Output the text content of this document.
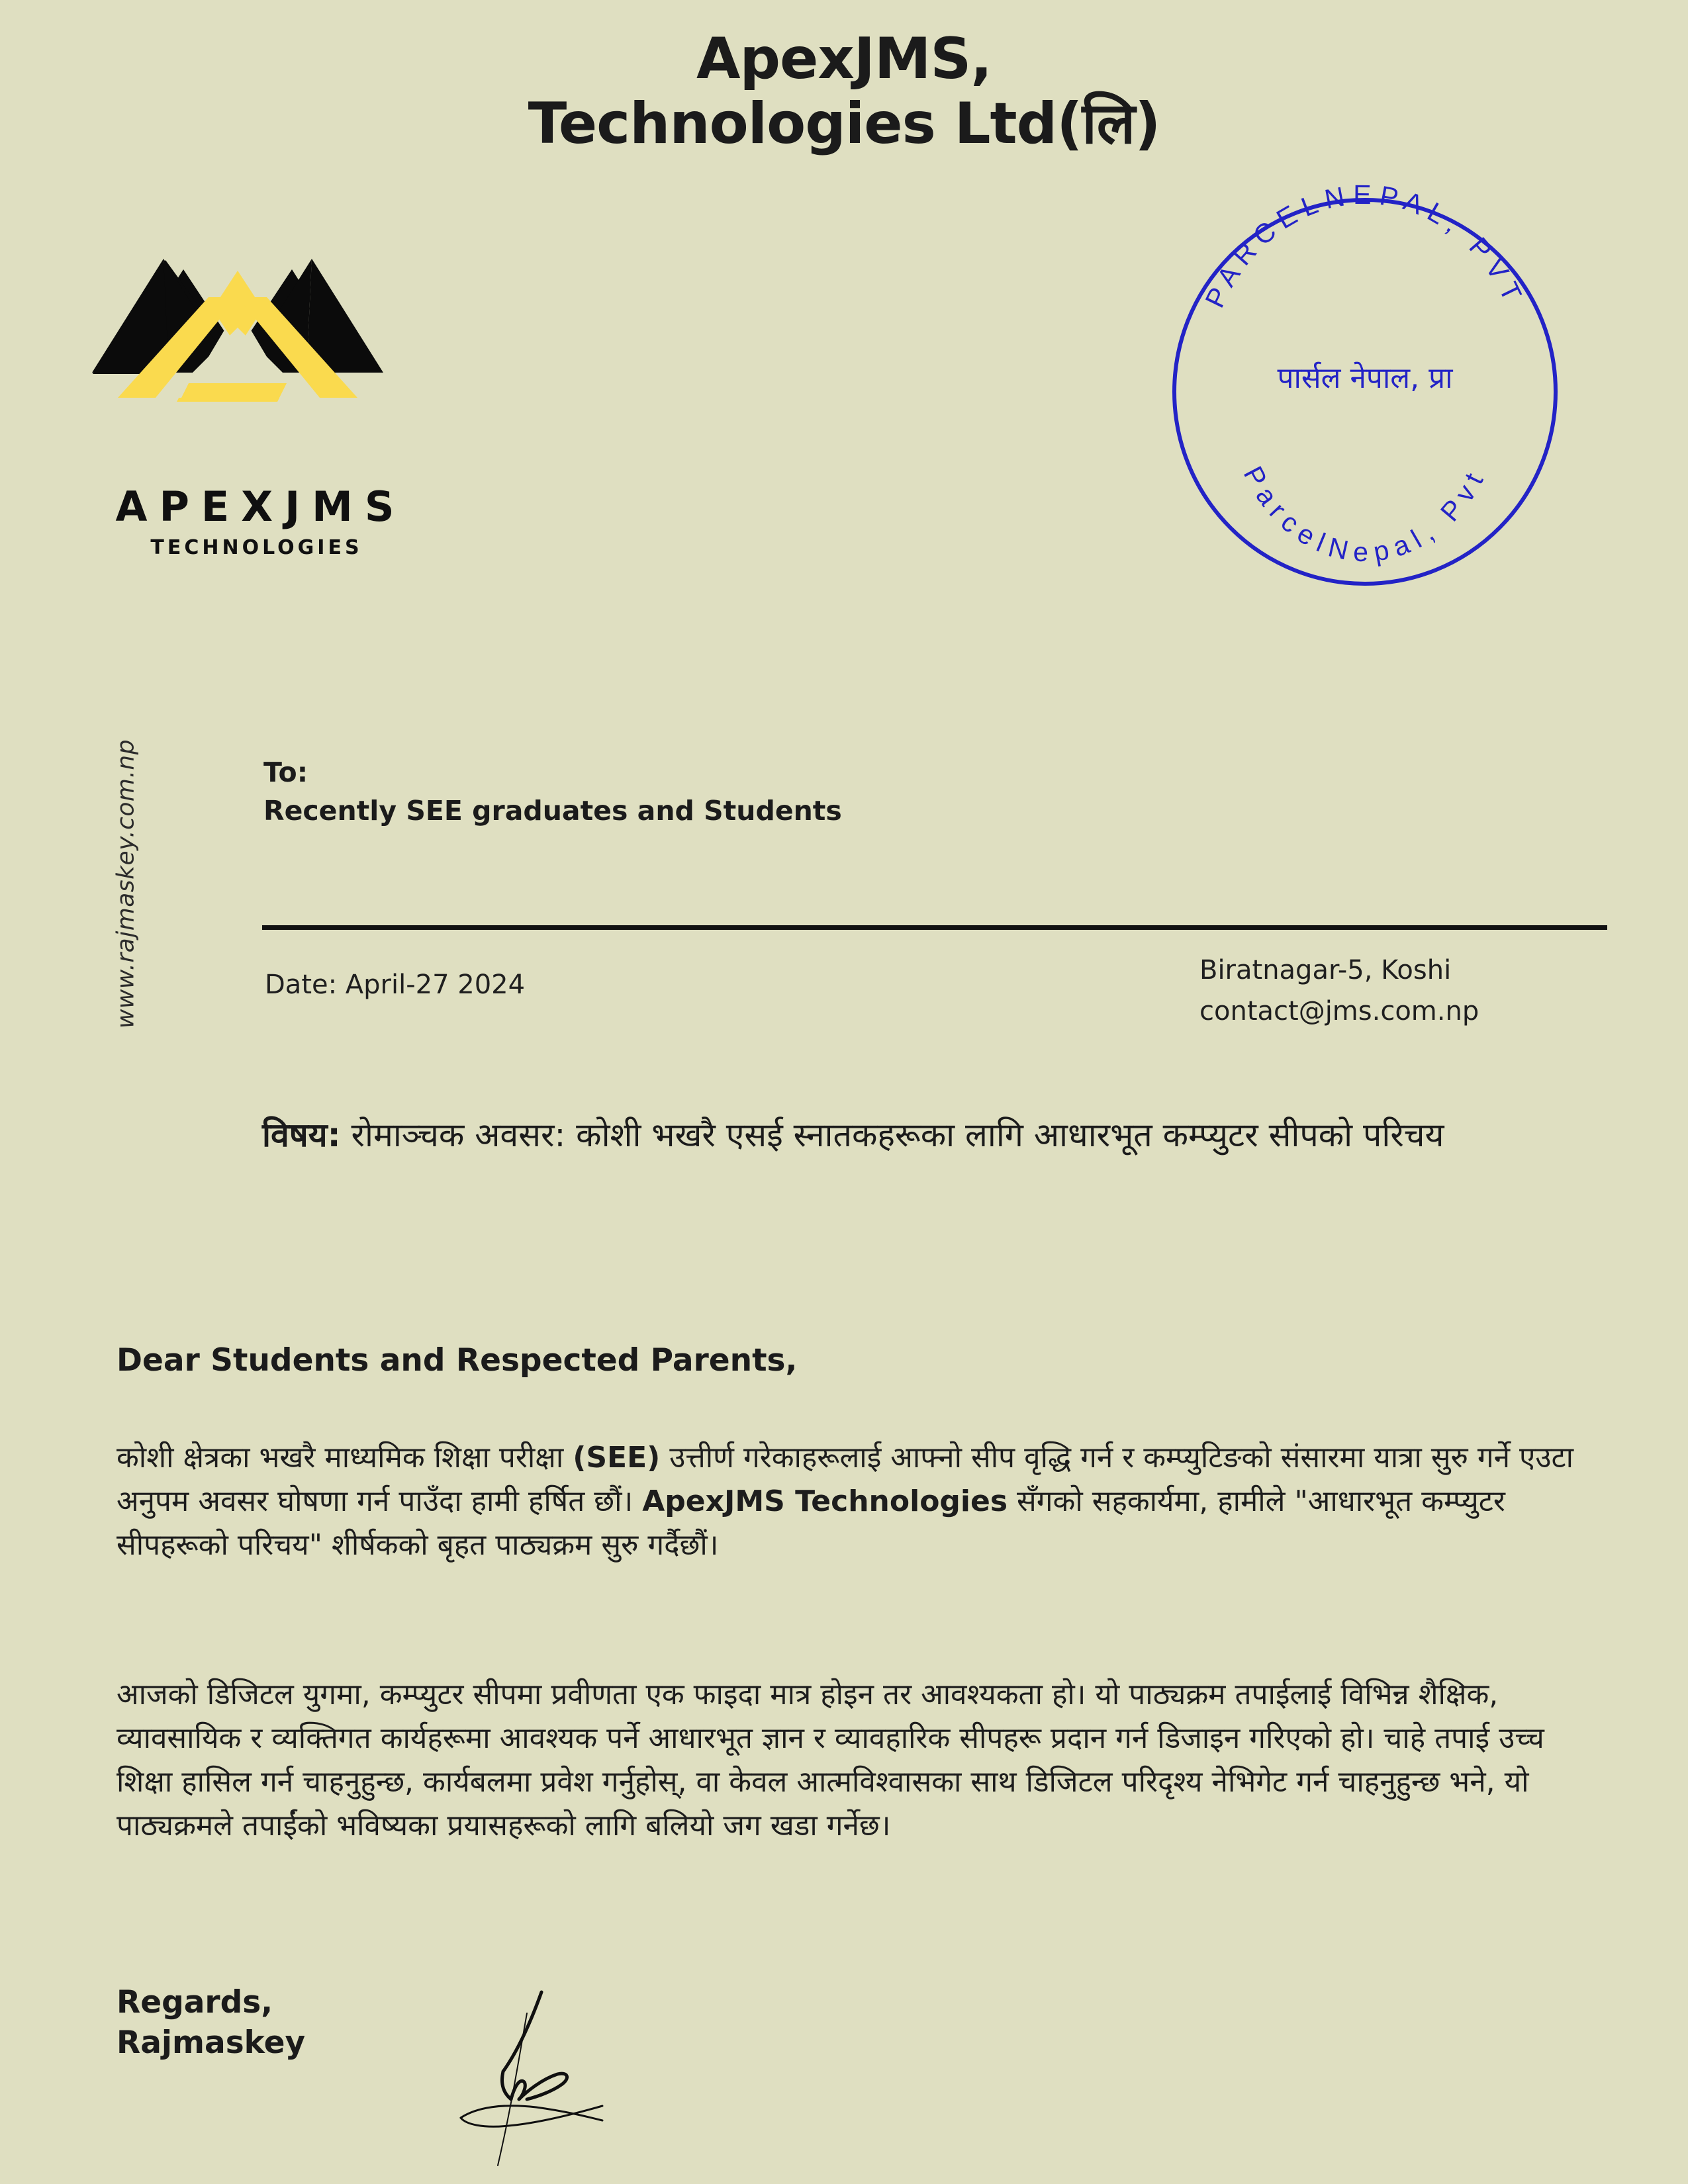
www.rajmaskey.com.np
ApexJMS,
Technologies Ltd(लि)
APEXJMS
TECHNOLOGIES
PARCELNEPAL, PVT
ParcelNepal, Pvt
पार्सल नेपाल, प्रा
To:
Recently SEE graduates and Students
Date: April-27 2024	Biratnagar-5, Koshi
contact@jms.com.np
विषय: रोमाञ्चक अवसर: कोशी भखरै एसई स्नातकहरूका लागि आधारभूत कम्प्युटर सीपको परिचय
Dear Students and Respected Parents,
कोशी क्षेत्रका भखरै माध्यमिक शिक्षा परीक्षा (SEE) उत्तीर्ण गरेकाहरूलाई आफ्नो सीप वृद्धि गर्न र कम्प्युटिङको संसारमा यात्रा सुरु गर्ने एउटा अनुपम अवसर घोषणा गर्न पाउँदा हामी हर्षित छौं। ApexJMS Technologies सँगको सहकार्यमा, हामीले "आधारभूत कम्प्युटर सीपहरूको परिचय" शीर्षकको बृहत पाठ्यक्रम सुरु गर्दैछौं।
आजको डिजिटल युगमा, कम्प्युटर सीपमा प्रवीणता एक फाइदा मात्र होइन तर आवश्यकता हो। यो पाठ्यक्रम तपाईलाई विभिन्न शैक्षिक, व्यावसायिक र व्यक्तिगत कार्यहरूमा आवश्यक पर्ने आधारभूत ज्ञान र व्यावहारिक सीपहरू प्रदान गर्न डिजाइन गरिएको हो। चाहे तपाई उच्च शिक्षा हासिल गर्न चाहनुहुन्छ, कार्यबलमा प्रवेश गर्नुहोस्, वा केवल आत्मविश्वासका साथ डिजिटल परिदृश्य नेभिगेट गर्न चाहनुहुन्छ भने, यो पाठ्यक्रमले तपाईंको भविष्यका प्रयासहरूको लागि बलियो जग खडा गर्नेछ।
Regards,
Rajmaskey
